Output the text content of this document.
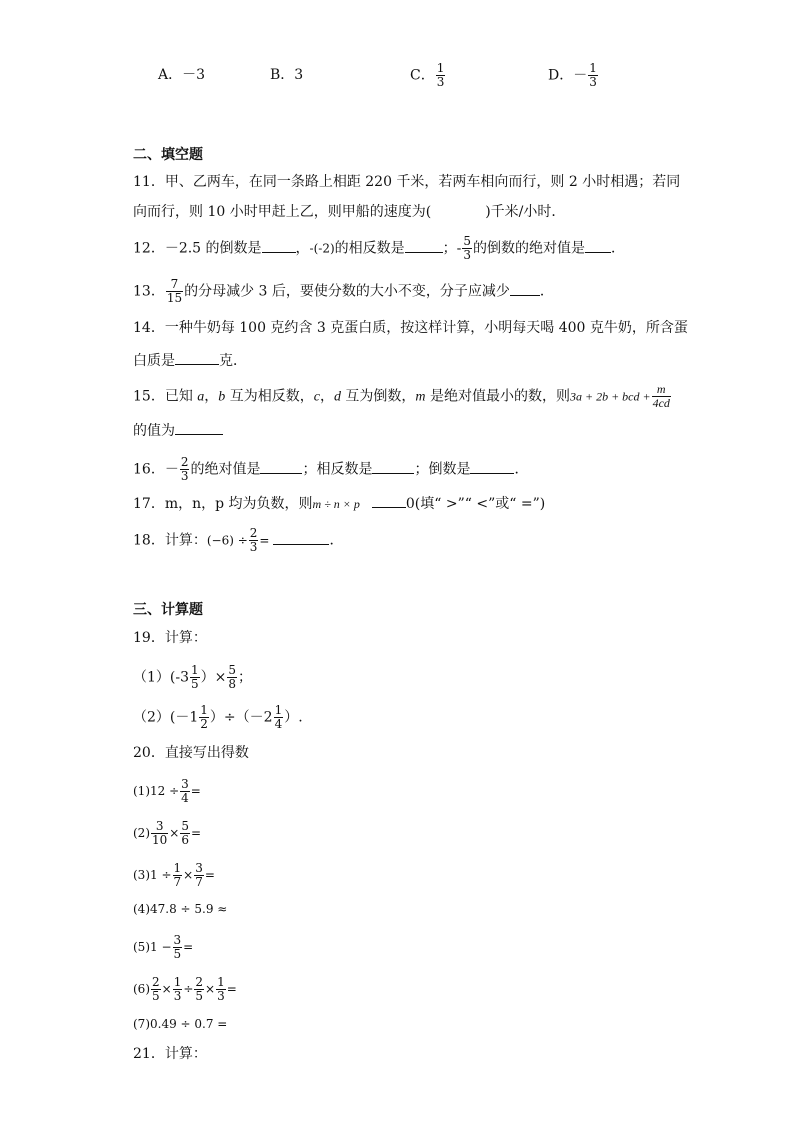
A．－3	B．3	C． $\frac{1}{3}$	D．－ $\frac{1}{3}$
二、填空题
11．甲、乙两车，在同一条路上相距 220 千米，若两车相向而行，则 2 小时相遇；若同
向而行，则 10 小时甲赶上乙，则甲船的速度为(	)千米/小时．
12．－2.5 的倒数是 ，-(-2)的相反数是	；- $\frac{5}{3}$ 的倒数的绝对值是 ．
13． $\frac{7}{15}$ 的分母减少 3 后，要使分数的大小不变，分子应减少 ．
14．一种牛奶每 100 克约含 3 克蛋白质，按这样计算，小明每天喝 400 克牛奶，所含蛋
白质是	克．
15．已知 a，b 互为相反数，c，d 互为倒数，m 是绝对值最小的数，则3a + 2b + bcd + $\frac{m}{4cd}$
的值为
16．－ $\frac{2}{3}$ 的绝对值是	；相反数是	；倒数是	．
17．m，n，p 均为负数，则m ÷ n × p	0(填“ >”“ <”或“ =”)
18．计算：$(-6) \div \frac{2}{3}$ =	．
三、计算题
19．计算：
$(1)(-3 \frac{1}{5}$ ）× $\frac{5}{8}$ ；
$(2)(-1 \frac{1}{2} )\div(-2 \frac{1}{4}$ ）.
20．直接写出得数
$(1)12 \div \frac{3}{4}$ =
$(2) \frac{3}{10} \times \frac{5}{6}$ =
$(3)1 \div \frac{1}{7} \times \frac{3}{7}$ =
(4)47.8 ÷ 5.9 ≈
$(5)1 - \frac{3}{5}$ =
$(6) \frac{2}{5} \times \frac{1}{3} \div \frac{2}{5} \times \frac{1}{3}$ =
(7)0.49 ÷ 0.7 =
21．计算：
